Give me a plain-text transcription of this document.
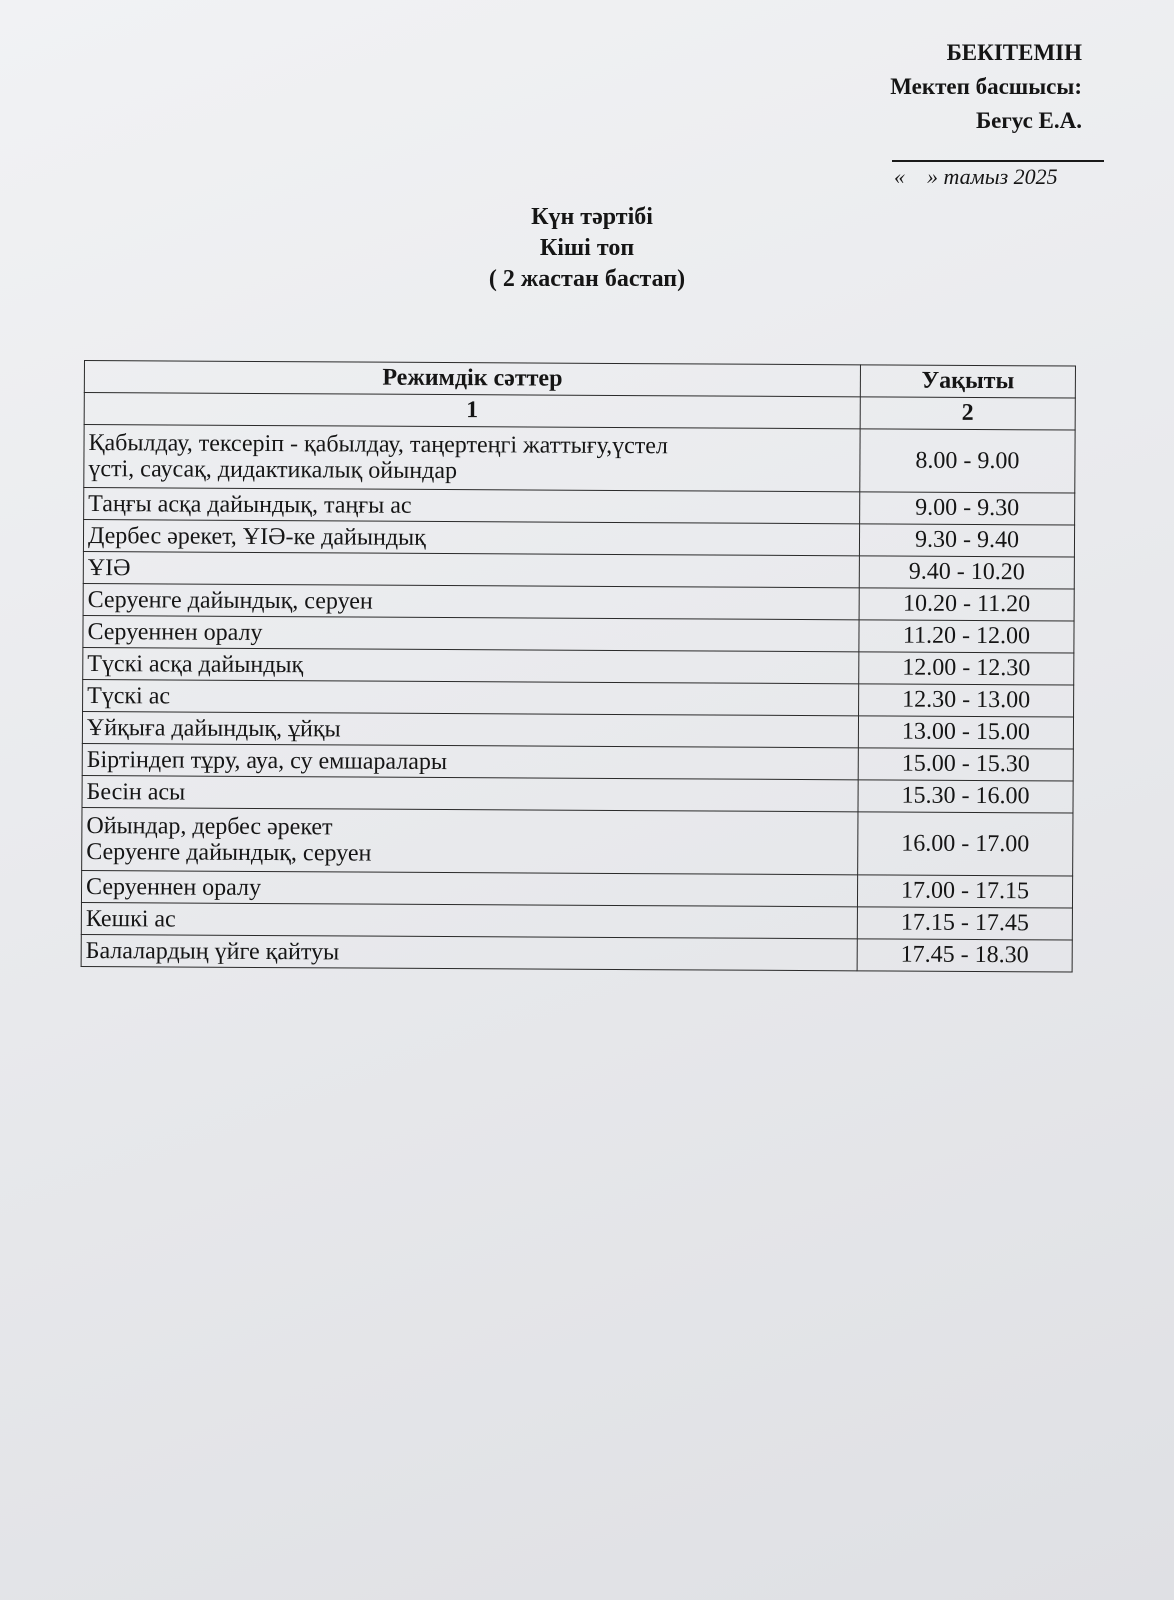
БЕКІТЕМІН
Мектеп басшысы:
Бегус Е.А.
« » тамыз 2025
Күн тәртібі
Кіші топ
( 2 жастан бастап)
Режимдік сәттер	Уақыты
1	2

Қабылдау, тексеріп - қабылдау, таңертеңгі жаттығу,үстел
үсті, саусақ, дидактикалық ойындар	8.00 - 9.00

Таңғы асқа дайындық, таңғы ас	9.00 - 9.30

Дербес әрекет, ҰІӘ-ке дайындық	9.30 - 9.40

ҰІӘ	9.40 - 10.20

Серуенге дайындық, серуен	10.20 - 11.20

Серуеннен оралу	11.20 - 12.00

Түскі асқа дайындық	12.00 - 12.30

Түскі ас	12.30 - 13.00

Ұйқыға дайындық, ұйқы	13.00 - 15.00

Біртіндеп тұру, ауа, су емшаралары	15.00 - 15.30

Бесін асы	15.30 - 16.00

Ойындар, дербес әрекет
Серуенге дайындық, серуен	16.00 - 17.00

Серуеннен оралу	17.00 - 17.15

Кешкі ас	17.15 - 17.45

Балалардың үйге қайтуы	17.45 - 18.30
